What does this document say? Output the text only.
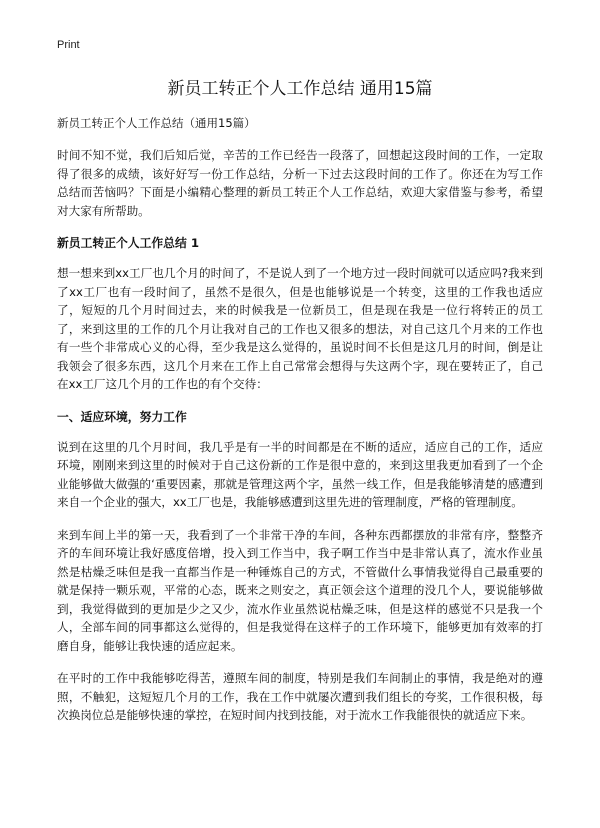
Print
新员工转正个人工作总结 通用15篇

新员工转正个人工作总结（通用15篇）

时间不知不觉，我们后知后觉，辛苦的工作已经告一段落了，回想起这段时间的工作，一定取得了很多的成绩，该好好写一份工作总结，分析一下过去这段时间的工作了。你还在为写工作总结而苦恼吗？下面是小编精心整理的新员工转正个人工作总结，欢迎大家借鉴与参考，希望对大家有所帮助。

新员工转正个人工作总结 1

想一想来到xx工厂也几个月的时间了，不是说人到了一个地方过一段时间就可以适应吗?我来到了xx工厂也有一段时间了，虽然不是很久，但是也能够说是一个转变，这里的工作我也适应了，短短的几个月时间过去，来的时候我是一位新员工，但是现在我是一位行将转正的员工了，来到这里的工作的几个月让我对自己的工作也又很多的想法，对自己这几个月来的工作也有一些个非常成心义的心得，至少我是这么觉得的，虽说时间不长但是这几月的时间，倒是让我领会了很多东西，这几个月来在工作上自己常常会想得与失这两个字，现在要转正了，自己在xx工厂这几个月的工作也的有个交待：

一、适应环境，努力工作

说到在这里的几个月时间，我几乎是有一半的时间都是在不断的适应，适应自己的工作，适应环境，刚刚来到这里的时候对于自己这份新的工作是很中意的，来到这里我更加看到了一个企业能够做大做强的‘重要因素，那就是管理这两个字，虽然一线工作，但是我能够清楚的感遭到来自一个企业的强大，xx工厂也是，我能够感遭到这里先进的管理制度，严格的管理制度。

来到车间上半的第一天，我看到了一个非常干净的车间，各种东西都摆放的非常有序，整整齐齐的车间环境让我好感度倍增，投入到工作当中，我子啊工作当中是非常认真了，流水作业虽然是枯燥乏味但是我一直都当作是一种锤炼自己的方式，不管做什么事情我觉得自己最重要的就是保持一颗乐观，平常的心态，既来之则安之，真正领会这个道理的没几个人，要说能够做到，我觉得做到的更加是少之又少，流水作业虽然说枯燥乏味，但是这样的感觉不只是我一个人，全部车间的同事都这么觉得的，但是我觉得在这样子的工作环境下，能够更加有效率的打磨自身，能够让我快速的适应起来。

在平时的工作中我能够吃得苦，遵照车间的制度，特别是我们车间制止的事情，我是绝对的遵照，不触犯，这短短几个月的工作，我在工作中就屡次遭到我们组长的夸奖，工作很积极，每次换岗位总是能够快速的掌控，在短时间内找到技能，对于流水工作我能很快的就适应下来。
